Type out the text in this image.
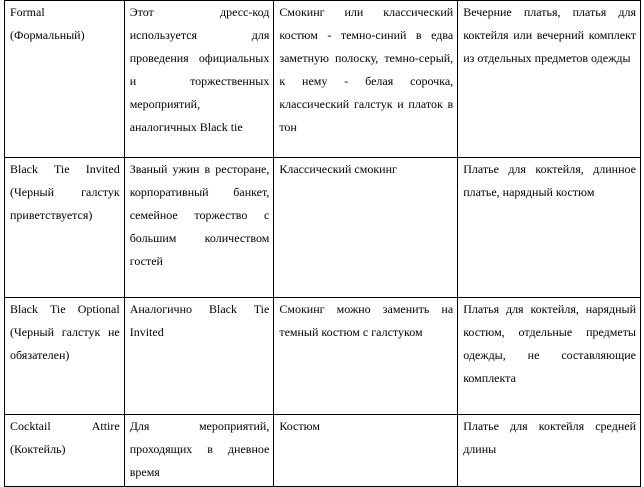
Formal (Формальный)	Этот дресс-код используется для проведения официальных и торжественных мероприятий, аналогичных Black tie	Смокинг или классический костюм - темно-синий в едва заметную полоску, темно-серый, к нему - белая сорочка, классический галстук и платок в тон	Вечерние платья, платья для коктейля или вечерний комплект из отдельных предметов одежды

Black Tie Invited (Черный галстук приветствуется)	Званый ужин в ресторане, корпоративный банкет, семейное торжество с большим количеством гостей	Классический смокинг	Платье для коктейля, длинное платье, нарядный костюм

Black Tie Optional (Черный галстук не обязателен)	Аналогично Black Tie Invited	Смокинг можно заменить на темный костюм с галстуком	Платья для коктейля, нарядный костюм, отдельные предметы одежды, не составляющие комплекта

Cocktail Attire (Коктейль)	Для мероприятий, проходящих в дневное время	Костюм	Платье для коктейля средней длины
